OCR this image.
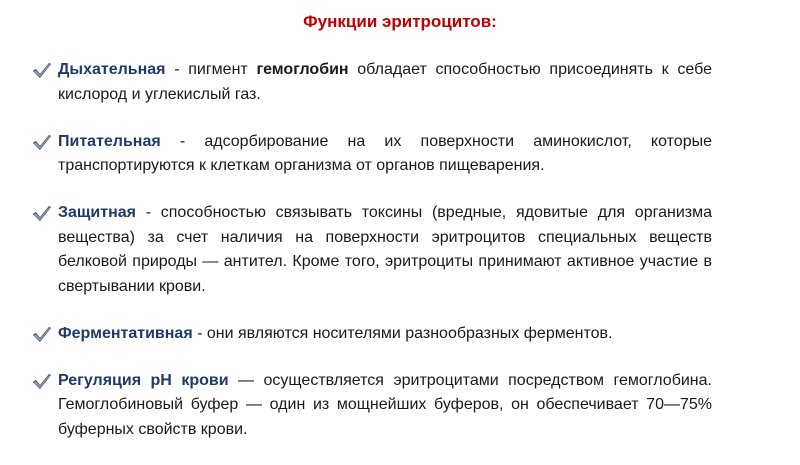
Функции эритроцитов:
Дыхательная - пигмент гемоглобин обладает способностью присоединять к себе кислород и углекислый газ.
Питательная - адсорбирование на их поверхности аминокислот, которые транспортируются к клеткам организма от органов пищеварения.
Защитная - способностью связывать токсины (вредные, ядовитые для организма вещества) за счет наличия на поверхности эритроцитов специальных веществ белковой природы — антител. Кроме того, эритроциты принимают активное участие в свертывании крови.
Ферментативная - они являются носителями разнообразных ферментов.
Регуляция pH крови — осуществляется эритроцитами посредством гемоглобина. Гемоглобиновый буфер — один из мощнейших буферов, он обеспечивает 70—75% буферных свойств крови.
